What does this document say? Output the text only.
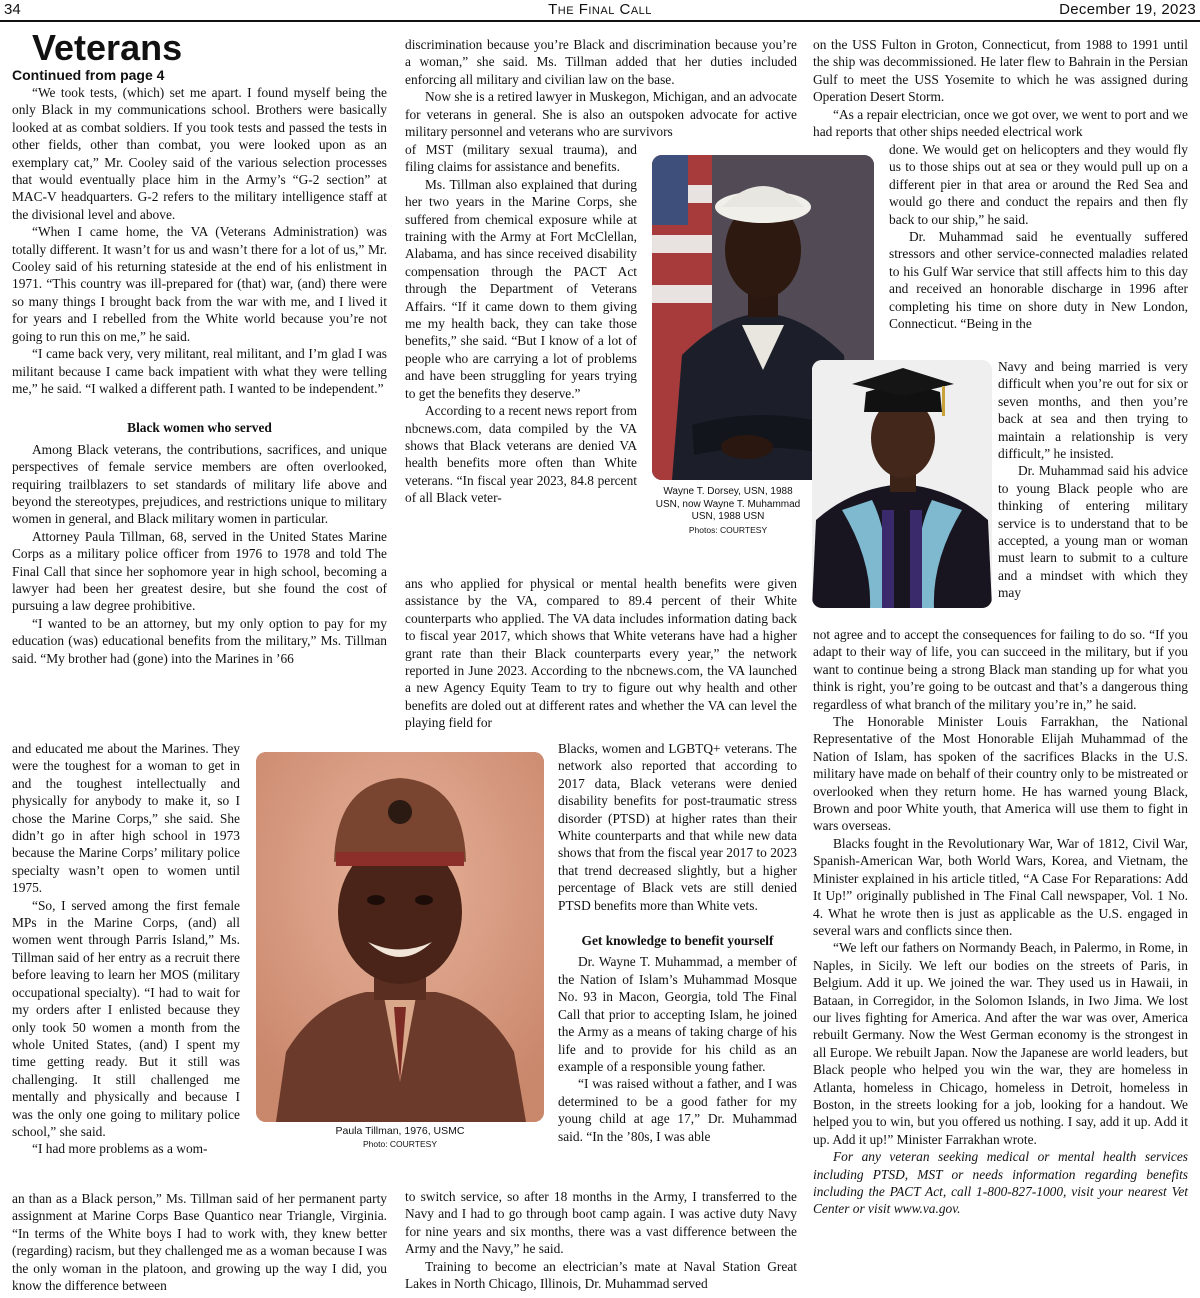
34	The Final Call	December 19, 2023

Veterans

Continued from page 4

“We took tests, (which) set me apart. I found myself being the only Black in my communications school. Brothers were basically looked at as combat soldiers. If you took tests and passed the tests in other fields, other than combat, you were looked upon as an exemplary cat,” Mr. Cooley said of the various selection processes that would eventually place him in the Army’s “G-2 section” at MAC-V headquarters. G-2 refers to the military intelligence staff at the divisional level and above.

“When I came home, the VA (Veterans Administration) was totally different. It wasn’t for us and wasn’t there for a lot of us,” Mr. Cooley said of his returning stateside at the end of his enlistment in 1971. “This country was ill-prepared for (that) war, (and) there were so many things I brought back from the war with me, and I lived it for years and I rebelled from the White world because you’re not going to run this on me,” he said.

“I came back very, very militant, real militant, and I’m glad I was militant because I came back impatient with what they were telling me,” he said. “I walked a different path. I wanted to be independent.”

Black women who served

Among Black veterans, the contributions, sacrifices, and unique perspectives of female service members are often overlooked, requiring trailblazers to set standards of military life above and beyond the stereotypes, prejudices, and restrictions unique to military women in general, and Black military women in particular.

Attorney Paula Tillman, 68, served in the United States Marine Corps as a military police officer from 1976 to 1978 and told The Final Call that since her sophomore year in high school, becoming a lawyer had been her greatest desire, but she found the cost of pursuing a law degree prohibitive.

“I wanted to be an attorney, but my only option to pay for my education (was) educational benefits from the military,” Ms. Tillman said. “My brother had (gone) into the Marines in ’66

and educated me about the Marines. They were the toughest for a woman to get in and the toughest intellectually and physically for anybody to make it, so I chose the Marine Corps,” she said. She didn’t go in after high school in 1973 because the Marine Corps’ military police specialty wasn’t open to women until 1975.

“So, I served among the first female MPs in the Marine Corps, (and) all women went through Parris Island,” Ms. Tillman said of her entry as a recruit there before leaving to learn her MOS (military occupational specialty). “I had to wait for my orders after I enlisted because they only took 50 women a month from the whole United States, (and) I spent my time getting ready. But it still was challenging. It still challenged me mentally and physically and because I was the only one going to military police school,” she said.

“I had more problems as a wom-

an than as a Black person,” Ms. Tillman said of her permanent party assignment at Marine Corps Base Quantico near Triangle, Virginia. “In terms of the White boys I had to work with, they knew better (regarding) racism, but they challenged me as a woman because I was the only woman in the platoon, and growing up the way I did, you know the difference between

Paula Tillman, 1976, USMC
Photo: COURTESY

discrimination because you’re Black and discrimination because you’re a woman,” she said. Ms. Tillman added that her duties included enforcing all military and civilian law on the base.

Now she is a retired lawyer in Muskegon, Michigan, and an advocate for veterans in general. She is also an outspoken advocate for active military personnel and veterans who are survivors

of MST (military sexual trauma), and filing claims for assistance and benefits.

Ms. Tillman also explained that during her two years in the Marine Corps, she suffered from chemical exposure while at training with the Army at Fort McClellan, Alabama, and has since received disability compensation through the PACT Act through the Department of Veterans Affairs. “If it came down to them giving me my health back, they can take those benefits,” she said. “But I know of a lot of people who are carrying a lot of problems and have been struggling for years trying to get the benefits they deserve.”

According to a recent news report from nbcnews.com, data compiled by the VA shows that Black veterans are denied VA health benefits more often than White veterans. “In fiscal year 2023, 84.8 percent of all Black veter-

ans who applied for physical or mental health benefits were given assistance by the VA, compared to 89.4 percent of their White counterparts who applied. The VA data includes information dating back to fiscal year 2017, which shows that White veterans have had a higher grant rate than their Black counterparts every year,” the network reported in June 2023. According to the nbcnews.com, the VA launched a new Agency Equity Team to try to figure out why health and other benefits are doled out at different rates and whether the VA can level the playing field for

Blacks, women and LGBTQ+ veterans. The network also reported that according to 2017 data, Black veterans were denied disability benefits for post-traumatic stress disorder (PTSD) at higher rates than their White counterparts and that while new data shows that from the fiscal year 2017 to 2023 that trend decreased slightly, but a higher percentage of Black vets are still denied PTSD benefits more than White vets.

Get knowledge to benefit yourself

Dr. Wayne T. Muhammad, a member of the Nation of Islam’s Muhammad Mosque No. 93 in Macon, Georgia, told The Final Call that prior to accepting Islam, he joined the Army as a means of taking charge of his life and to provide for his child as an example of a responsible young father.

“I was raised without a father, and I was determined to be a good father for my young child at age 17,” Dr. Muhammad said. “In the ’80s, I was able

to switch service, so after 18 months in the Army, I transferred to the Navy and I had to go through boot camp again. I was active duty Navy for nine years and six months, there was a vast difference between the Army and the Navy,” he said.

Training to become an electrician’s mate at Naval Station Great Lakes in North Chicago, Illinois, Dr. Muhammad served

Wayne T. Dorsey, USN, 1988
USN, now Wayne T. Muhammad
USN, 1988 USN
Photos: COURTESY

on the USS Fulton in Groton, Connecticut, from 1988 to 1991 until the ship was decommissioned. He later flew to Bahrain in the Persian Gulf to meet the USS Yosemite to which he was assigned during Operation Desert Storm.

“As a repair electrician, once we got over, we went to port and we had reports that other ships needed electrical work

done. We would get on helicopters and they would fly us to those ships out at sea or they would pull up on a different pier in that area or around the Red Sea and would go there and conduct the repairs and then fly back to our ship,” he said.

Dr. Muhammad said he eventually suffered stressors and other service-connected maladies related to his Gulf War service that still affects him to this day and received an honorable discharge in 1996 after completing his time on shore duty in New London, Connecticut. “Being in the

Navy and being married is very difficult when you’re out for six or seven months, and then you’re back at sea and then trying to maintain a relationship is very difficult,” he insisted.

Dr. Muhammad said his advice to young Black people who are thinking of entering military service is to understand that to be accepted, a young man or woman must learn to submit to a culture and a mindset with which they may

not agree and to accept the consequences for failing to do so. “If you adapt to their way of life, you can succeed in the military, but if you want to continue being a strong Black man standing up for what you think is right, you’re going to be outcast and that’s a dangerous thing regardless of what branch of the military you’re in,” he said.

The Honorable Minister Louis Farrakhan, the National Representative of the Most Honorable Elijah Muhammad of the Nation of Islam, has spoken of the sacrifices Blacks in the U.S. military have made on behalf of their country only to be mistreated or overlooked when they return home. He has warned young Black, Brown and poor White youth, that America will use them to fight in wars overseas.

Blacks fought in the Revolutionary War, War of 1812, Civil War, Spanish-American War, both World Wars, Korea, and Vietnam, the Minister explained in his article titled, “A Case For Reparations: Add It Up!” originally published in The Final Call newspaper, Vol. 1 No. 4. What he wrote then is just as applicable as the U.S. engaged in several wars and conflicts since then.

“We left our fathers on Normandy Beach, in Palermo, in Rome, in Naples, in Sicily. We left our bodies on the streets of Paris, in Belgium. Add it up. We joined the war. They used us in Hawaii, in Bataan, in Corregidor, in the Solomon Islands, in Iwo Jima. We lost our lives fighting for America. And after the war was over, America rebuilt Germany. Now the West German economy is the strongest in all Europe. We rebuilt Japan. Now the Japanese are world leaders, but Black people who helped you win the war, they are homeless in Atlanta, homeless in Chicago, homeless in Detroit, homeless in Boston, in the streets looking for a job, looking for a handout. We helped you to win, but you offered us nothing. I say, add it up. Add it up. Add it up!” Minister Farrakhan wrote.

For any veteran seeking medical or mental health services including PTSD, MST or needs information regarding benefits including the PACT Act, call 1-800-827-1000, visit your nearest Vet Center or visit www.va.gov.
